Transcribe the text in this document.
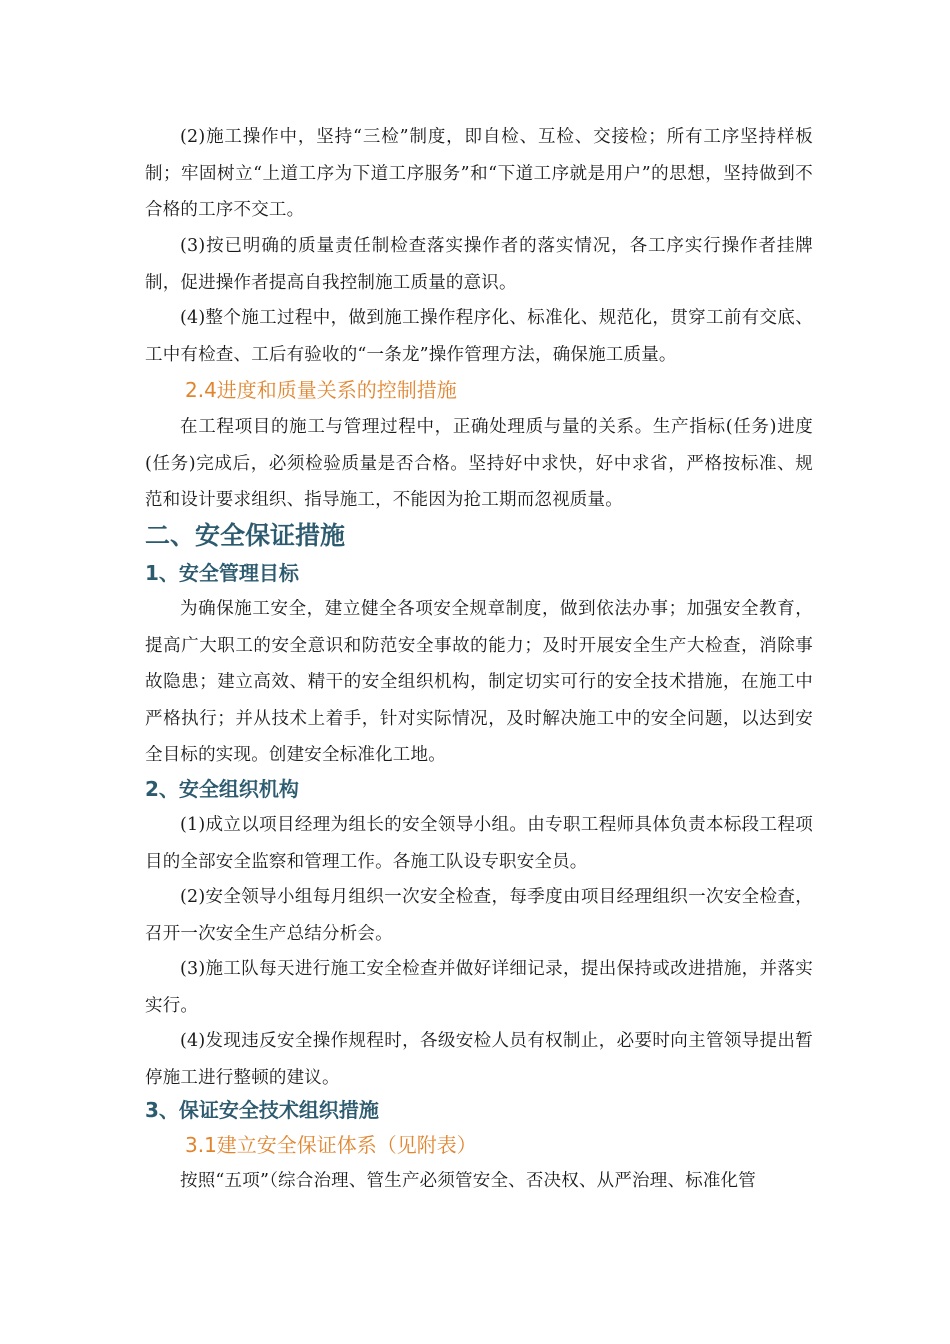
(2)施工操作中，坚持“三检”制度，即自检、互检、交接检；所有工序坚持样板制；牢固树立“上道工序为下道工序服务”和“下道工序就是用户”的思想，坚持做到不合格的工序不交工。

(3)按已明确的质量责任制检查落实操作者的落实情况，各工序实行操作者挂牌制，促进操作者提高自我控制施工质量的意识。

(4)整个施工过程中，做到施工操作程序化、标准化、规范化，贯穿工前有交底、工中有检查、工后有验收的“一条龙”操作管理方法，确保施工质量。

2.4进度和质量关系的控制措施

在工程项目的施工与管理过程中，正确处理质与量的关系。生产指标(任务)进度(任务)完成后，必须检验质量是否合格。坚持好中求快，好中求省，严格按标准、规范和设计要求组织、指导施工，不能因为抢工期而忽视质量。

二、安全保证措施

1、安全管理目标

为确保施工安全，建立健全各项安全规章制度，做到依法办事；加强安全教育，提高广大职工的安全意识和防范安全事故的能力；及时开展安全生产大检查，消除事故隐患；建立高效、精干的安全组织机构，制定切实可行的安全技术措施，在施工中严格执行；并从技术上着手，针对实际情况，及时解决施工中的安全问题，以达到安全目标的实现。创建安全标准化工地。

2、安全组织机构

(1)成立以项目经理为组长的安全领导小组。由专职工程师具体负责本标段工程项目的全部安全监察和管理工作。各施工队设专职安全员。

(2)安全领导小组每月组织一次安全检查，每季度由项目经理组织一次安全检查，召开一次安全生产总结分析会。

(3)施工队每天进行施工安全检查并做好详细记录，提出保持或改进措施，并落实实行。

(4)发现违反安全操作规程时，各级安检人员有权制止，必要时向主管领导提出暂停施工进行整顿的建议。

3、保证安全技术组织措施

3.1建立安全保证体系（见附表）

按照“五项”（综合治理、管生产必须管安全、否决权、从严治理、标准化管
